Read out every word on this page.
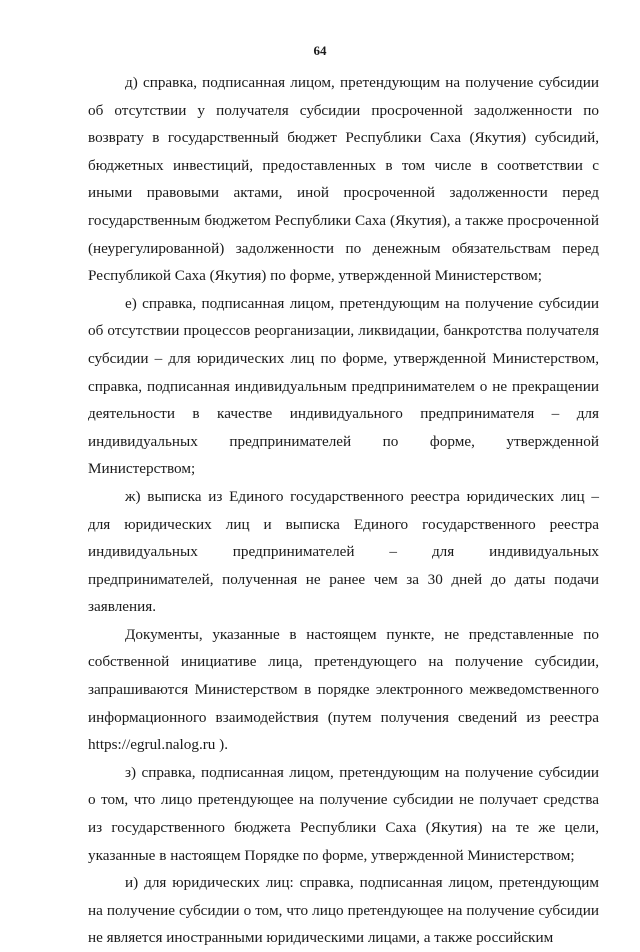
64

д) справка, подписанная лицом, претендующим на получение субсидии об отсутствии у получателя субсидии просроченной задолженности по возврату в государственный бюджет Республики Саха (Якутия) субсидий, бюджетных инвестиций, предоставленных в том числе в соответствии с иными правовыми актами, иной просроченной задолженности перед государственным бюджетом Республики Саха (Якутия), а также просроченной (неурегулированной) задолженности по денежным обязательствам перед Республикой Саха (Якутия) по форме, утвержденной Министерством;

е) справка, подписанная лицом, претендующим на получение субсидии об отсутствии процессов реорганизации, ликвидации, банкротства получателя субсидии – для юридических лиц по форме, утвержденной Министерством, справка, подписанная индивидуальным предпринимателем о не прекращении деятельности в качестве индивидуального предпринимателя – для индивидуальных предпринимателей по форме, утвержденной Министерством;

ж) выписка из Единого государственного реестра юридических лиц – для юридических лиц и выписка Единого государственного реестра индивидуальных предпринимателей – для индивидуальных предпринимателей, полученная не ранее чем за 30 дней до даты подачи заявления.

Документы, указанные в настоящем пункте, не представленные по собственной инициативе лица, претендующего на получение субсидии, запрашиваются Министерством в порядке электронного межведомственного информационного взаимодействия (путем получения сведений из реестра https://egrul.nalog.ru ).

з) справка, подписанная лицом, претендующим на получение субсидии о том, что лицо претендующее на получение субсидии не получает средства из государственного бюджета Республики Саха (Якутия) на те же цели, указанные в настоящем Порядке по форме, утвержденной Министерством;

и) для юридических лиц: справка, подписанная лицом, претендующим на получение субсидии о том, что лицо претендующее на получение субсидии не является иностранными юридическими лицами, а также российским
